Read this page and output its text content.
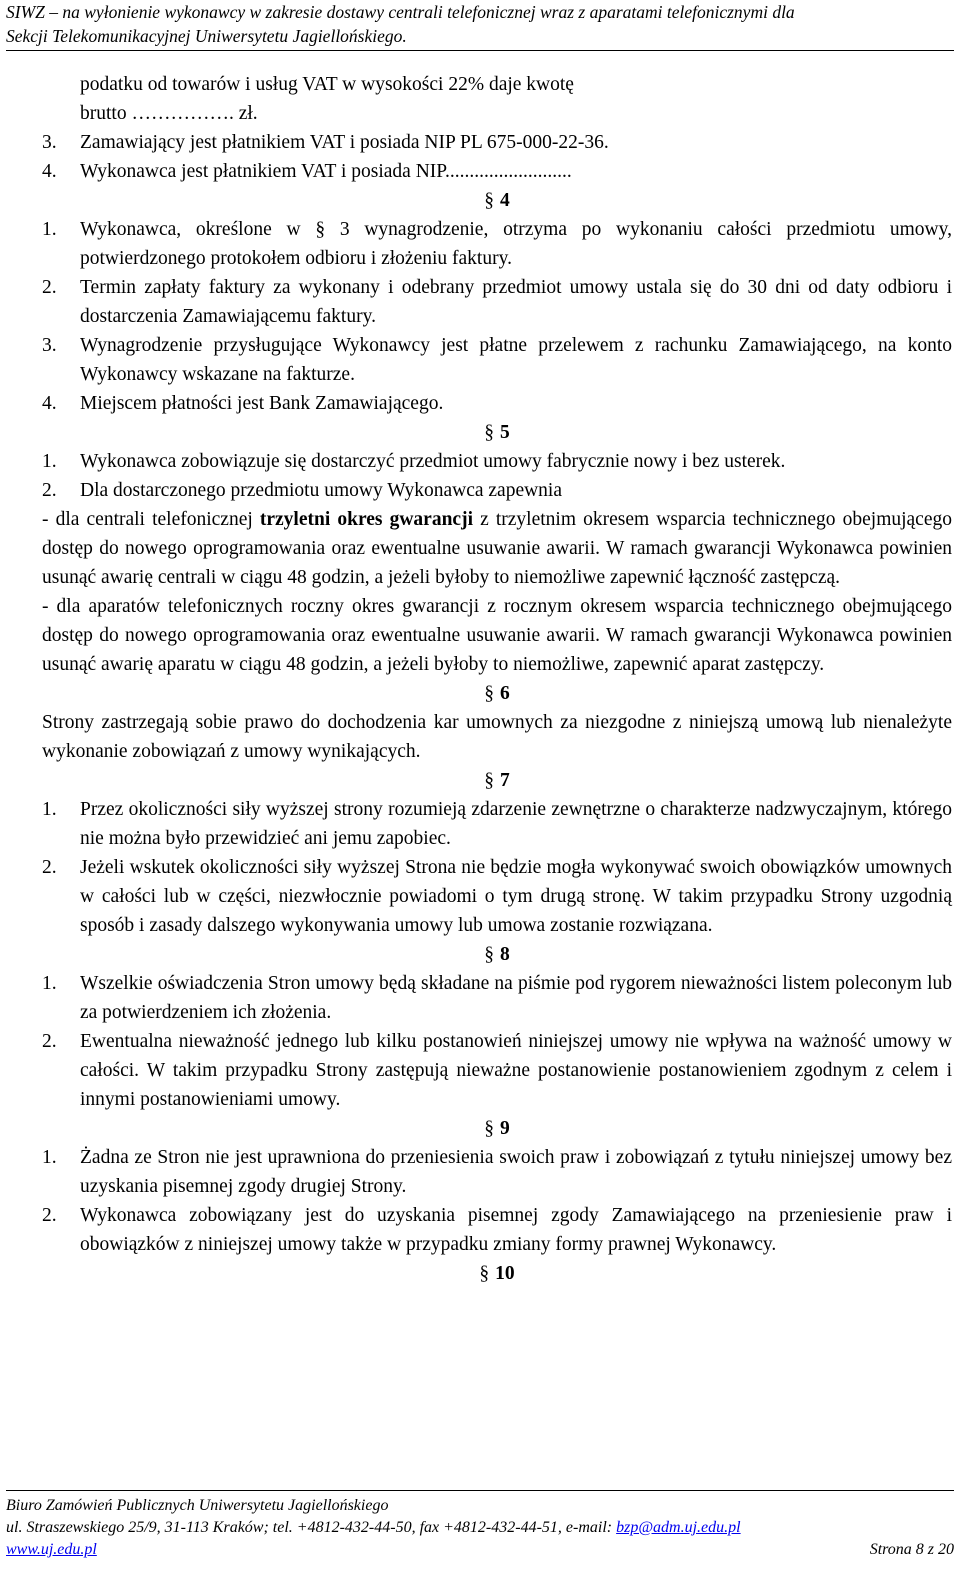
SIWZ – na wyłonienie wykonawcy w zakresie dostawy centrali telefonicznej wraz z aparatami telefonicznymi dla
Sekcji Telekomunikacyjnej Uniwersytetu Jagiellońskiego.
podatku od towarów i usług VAT w wysokości 22% daje kwotę
brutto ……………. zł.
3.	Zamawiający jest płatnikiem VAT i posiada NIP PL 675-000-22-36.
4.	Wykonawca jest płatnikiem VAT i posiada NIP..........................
§ 4
1.	Wykonawca, określone w § 3 wynagrodzenie, otrzyma po wykonaniu całości przedmiotu umowy, potwierdzonego protokołem odbioru i złożeniu faktury.
2.	Termin zapłaty faktury za wykonany i odebrany przedmiot umowy ustala się do 30 dni od daty odbioru i dostarczenia Zamawiającemu faktury.
3.	Wynagrodzenie przysługujące Wykonawcy jest płatne przelewem z rachunku Zamawiającego, na konto Wykonawcy wskazane na fakturze.
4.	Miejscem płatności jest Bank Zamawiającego.
§ 5
1.	Wykonawca zobowiązuje się dostarczyć przedmiot umowy fabrycznie nowy i bez usterek.
2.	Dla dostarczonego przedmiotu umowy Wykonawca zapewnia
- dla centrali telefonicznej trzyletni okres gwarancji z trzyletnim okresem wsparcia technicznego obejmującego dostęp do nowego oprogramowania oraz ewentualne usuwanie awarii. W ramach gwarancji Wykonawca powinien usunąć awarię centrali w ciągu 48 godzin, a jeżeli byłoby to niemożliwe zapewnić łączność zastępczą.
- dla aparatów telefonicznych roczny okres gwarancji z rocznym okresem wsparcia technicznego obejmującego dostęp do nowego oprogramowania oraz ewentualne usuwanie awarii. W ramach gwarancji Wykonawca powinien usunąć awarię aparatu w ciągu 48 godzin, a jeżeli byłoby to niemożliwe, zapewnić aparat zastępczy.
§ 6
Strony zastrzegają sobie prawo do dochodzenia kar umownych za niezgodne z niniejszą umową lub nienależyte wykonanie zobowiązań z umowy wynikających.
§ 7
1.	Przez okoliczności siły wyższej strony rozumieją zdarzenie zewnętrzne o charakterze nadzwyczajnym, którego nie można było przewidzieć ani jemu zapobiec.
2.	Jeżeli wskutek okoliczności siły wyższej Strona nie będzie mogła wykonywać swoich obowiązków umownych w całości lub w części, niezwłocznie powiadomi o tym drugą stronę. W takim przypadku Strony uzgodnią sposób i zasady dalszego wykonywania umowy lub umowa zostanie rozwiązana.
§ 8
1.	Wszelkie oświadczenia Stron umowy będą składane na piśmie pod rygorem nieważności listem poleconym lub za potwierdzeniem ich złożenia.
2.	Ewentualna nieważność jednego lub kilku postanowień niniejszej umowy nie wpływa na ważność umowy w całości. W takim przypadku Strony zastępują nieważne postanowienie postanowieniem zgodnym z celem i innymi postanowieniami umowy.
§ 9
1.	Żadna ze Stron nie jest uprawniona do przeniesienia swoich praw i zobowiązań z tytułu niniejszej umowy bez uzyskania pisemnej zgody drugiej Strony.
2.	Wykonawca zobowiązany jest do uzyskania pisemnej zgody Zamawiającego na przeniesienie praw i obowiązków z niniejszej umowy także w przypadku zmiany formy prawnej Wykonawcy.
§ 10
Biuro Zamówień Publicznych Uniwersytetu Jagiellońskiego
ul. Straszewskiego 25/9, 31-113 Kraków; tel. +4812-432-44-50, fax +4812-432-44-51, e-mail: bzp@adm.uj.edu.pl
www.uj.edu.pl	Strona 8 z 20
